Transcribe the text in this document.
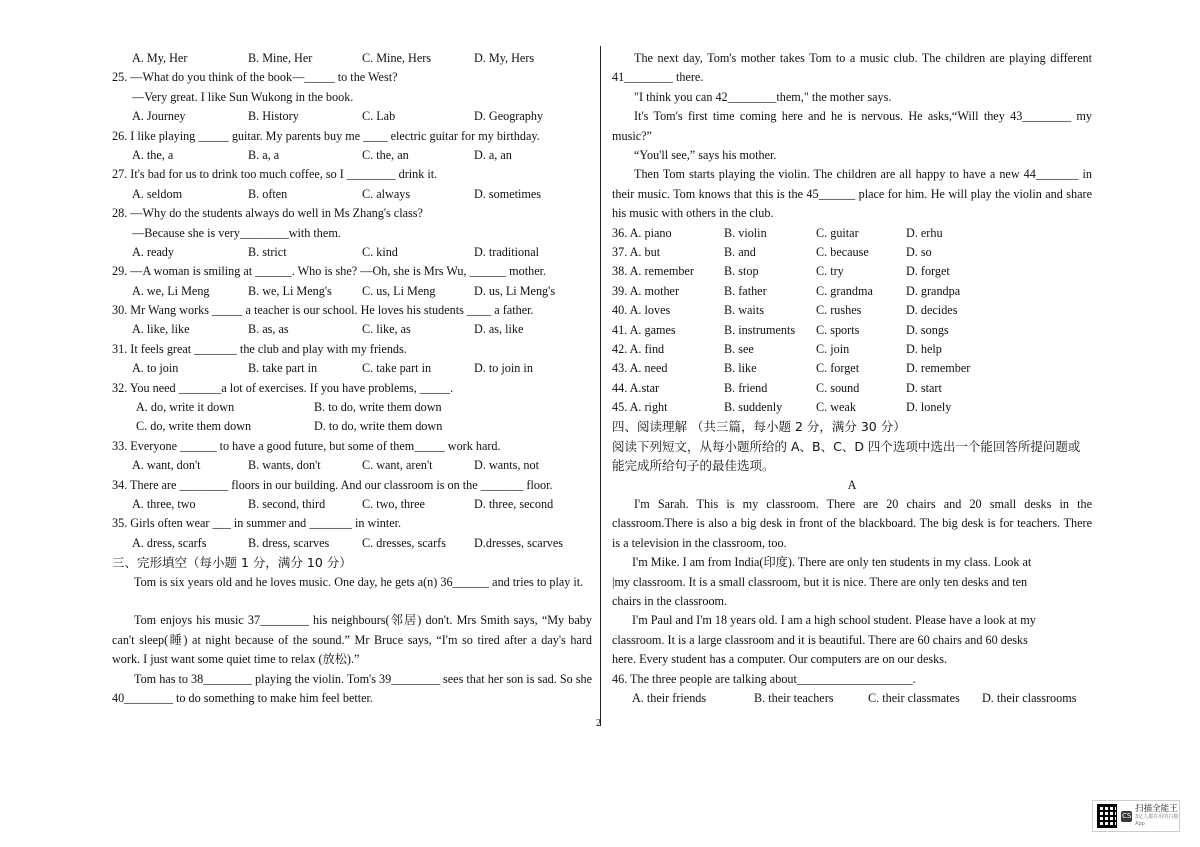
A. My, Her	B. Mine, Her	C. Mine, Hers	D. My, Hers
25. —What do you think of the book—_____ to the West?
—Very great. I like Sun Wukong in the book.
A. Journey	B. History	C. Lab	D. Geography
26. I like playing _____ guitar. My parents buy me ____ electric guitar for my birthday.
A. the, a	B. a, a	C. the, an	D. a, an
27. It's bad for us to drink too much coffee, so I ________ drink it.
A. seldom	B. often	C. always	D. sometimes
28. —Why do the students always do well in Ms Zhang's class?
—Because she is very________with them.
A. ready	B. strict	C. kind	D. traditional
29. —A woman is smiling at ______. Who is she? —Oh, she is Mrs Wu, ______ mother.
A. we, Li Meng	B. we, Li Meng's	C. us, Li Meng	D. us, Li Meng's
30. Mr Wang works _____ a teacher is our school. He loves his students ____ a father.
A. like, like	B. as, as	C. like, as	D. as, like
31. It feels great _______ the club and play with my friends.
A. to join	B. take part in	C. take part in	D. to join in
32. You need _______a lot of exercises. If you have problems, _____.
A. do, write it down	B. to do, write them down
C. do, write them down	D. to do, write them down
33. Everyone ______ to have a good future, but some of them_____ work hard.
A. want, don't	B. wants, don't	C. want, aren't	D. wants, not
34. There are ________ floors in our building. And our classroom is on the _______ floor.
A. three, two	B. second, third	C. two, three	D. three, second
35. Girls often wear ___ in summer and _______ in winter.
A. dress, scarfs	B. dress, scarves	C. dresses, scarfs	D.dresses, scarves
三、完形填空（每小题 1 分，满分 10 分）
Tom is six years old and he loves music. One day, he gets a(n) 36______ and tries to play it.
Tom enjoys his music 37________ his neighbours(邻居) don't. Mrs Smith says, “My baby can't sleep(睡) at night because of the sound.” Mr Bruce says, “I'm so tired after a day's hard work. I just want some quiet time to relax (放松).”
Tom has to 38________ playing the violin. Tom's 39________ sees that her son is sad. So she 40________ to do something to make him feel better.
The next day, Tom's mother takes Tom to a music club. The children are playing different 41________ there.
"I think you can 42________them," the mother says.
It's Tom's first time coming here and he is nervous. He asks,“Will they 43________ my music?”
“You'll see,” says his mother.
Then Tom starts playing the violin. The children are all happy to have a new 44_______ in their music. Tom knows that this is the 45______ place for him. He will play the violin and share his music with others in the club.
36. A. piano	B. violin	C. guitar	D. erhu
37. A. but	B. and	C. because	D. so
38. A. remember	B. stop	C. try	D. forget
39. A. mother	B. father	C. grandma	D. grandpa
40. A. loves	B. waits	C. rushes	D. decides
41. A. games	B. instruments	C. sports	D. songs
42. A. find	B. see	C. join	D. help
43. A. need	B. like	C. forget	D. remember
44. A.star	B. friend	C. sound	D. start
45. A. right	B. suddenly	C. weak	D. lonely
四、阅读理解 （共三篇，每小题 2 分，满分 30 分）
阅读下列短文，从每小题所给的 A、B、C、D 四个选项中选出一个能回答所提问题或
能完成所给句子的最佳选项。
A
I'm Sarah. This is my classroom. There are 20 chairs and 20 small desks in the classroom.There is also a big desk in front of the blackboard. The big desk is for teachers. There is a television in the classroom, too.
I'm Mike. I am from India(印度). There are only ten students in my class. Look at
|my classroom. It is a small classroom, but it is nice. There are only ten desks and ten
chairs in the classroom.
I'm Paul and I'm 18 years old. I am a high school student. Please have a look at my
classroom. It is a large classroom and it is beautiful. There are 60 chairs and 60 desks
here. Every student has a computer. Our computers are on our desks.
46. The three people are talking about___________________.
A. their friends	B. their teachers	C. their classmates	D. their classrooms
2
CS
扫描全能王
3亿人都在用的扫描App
